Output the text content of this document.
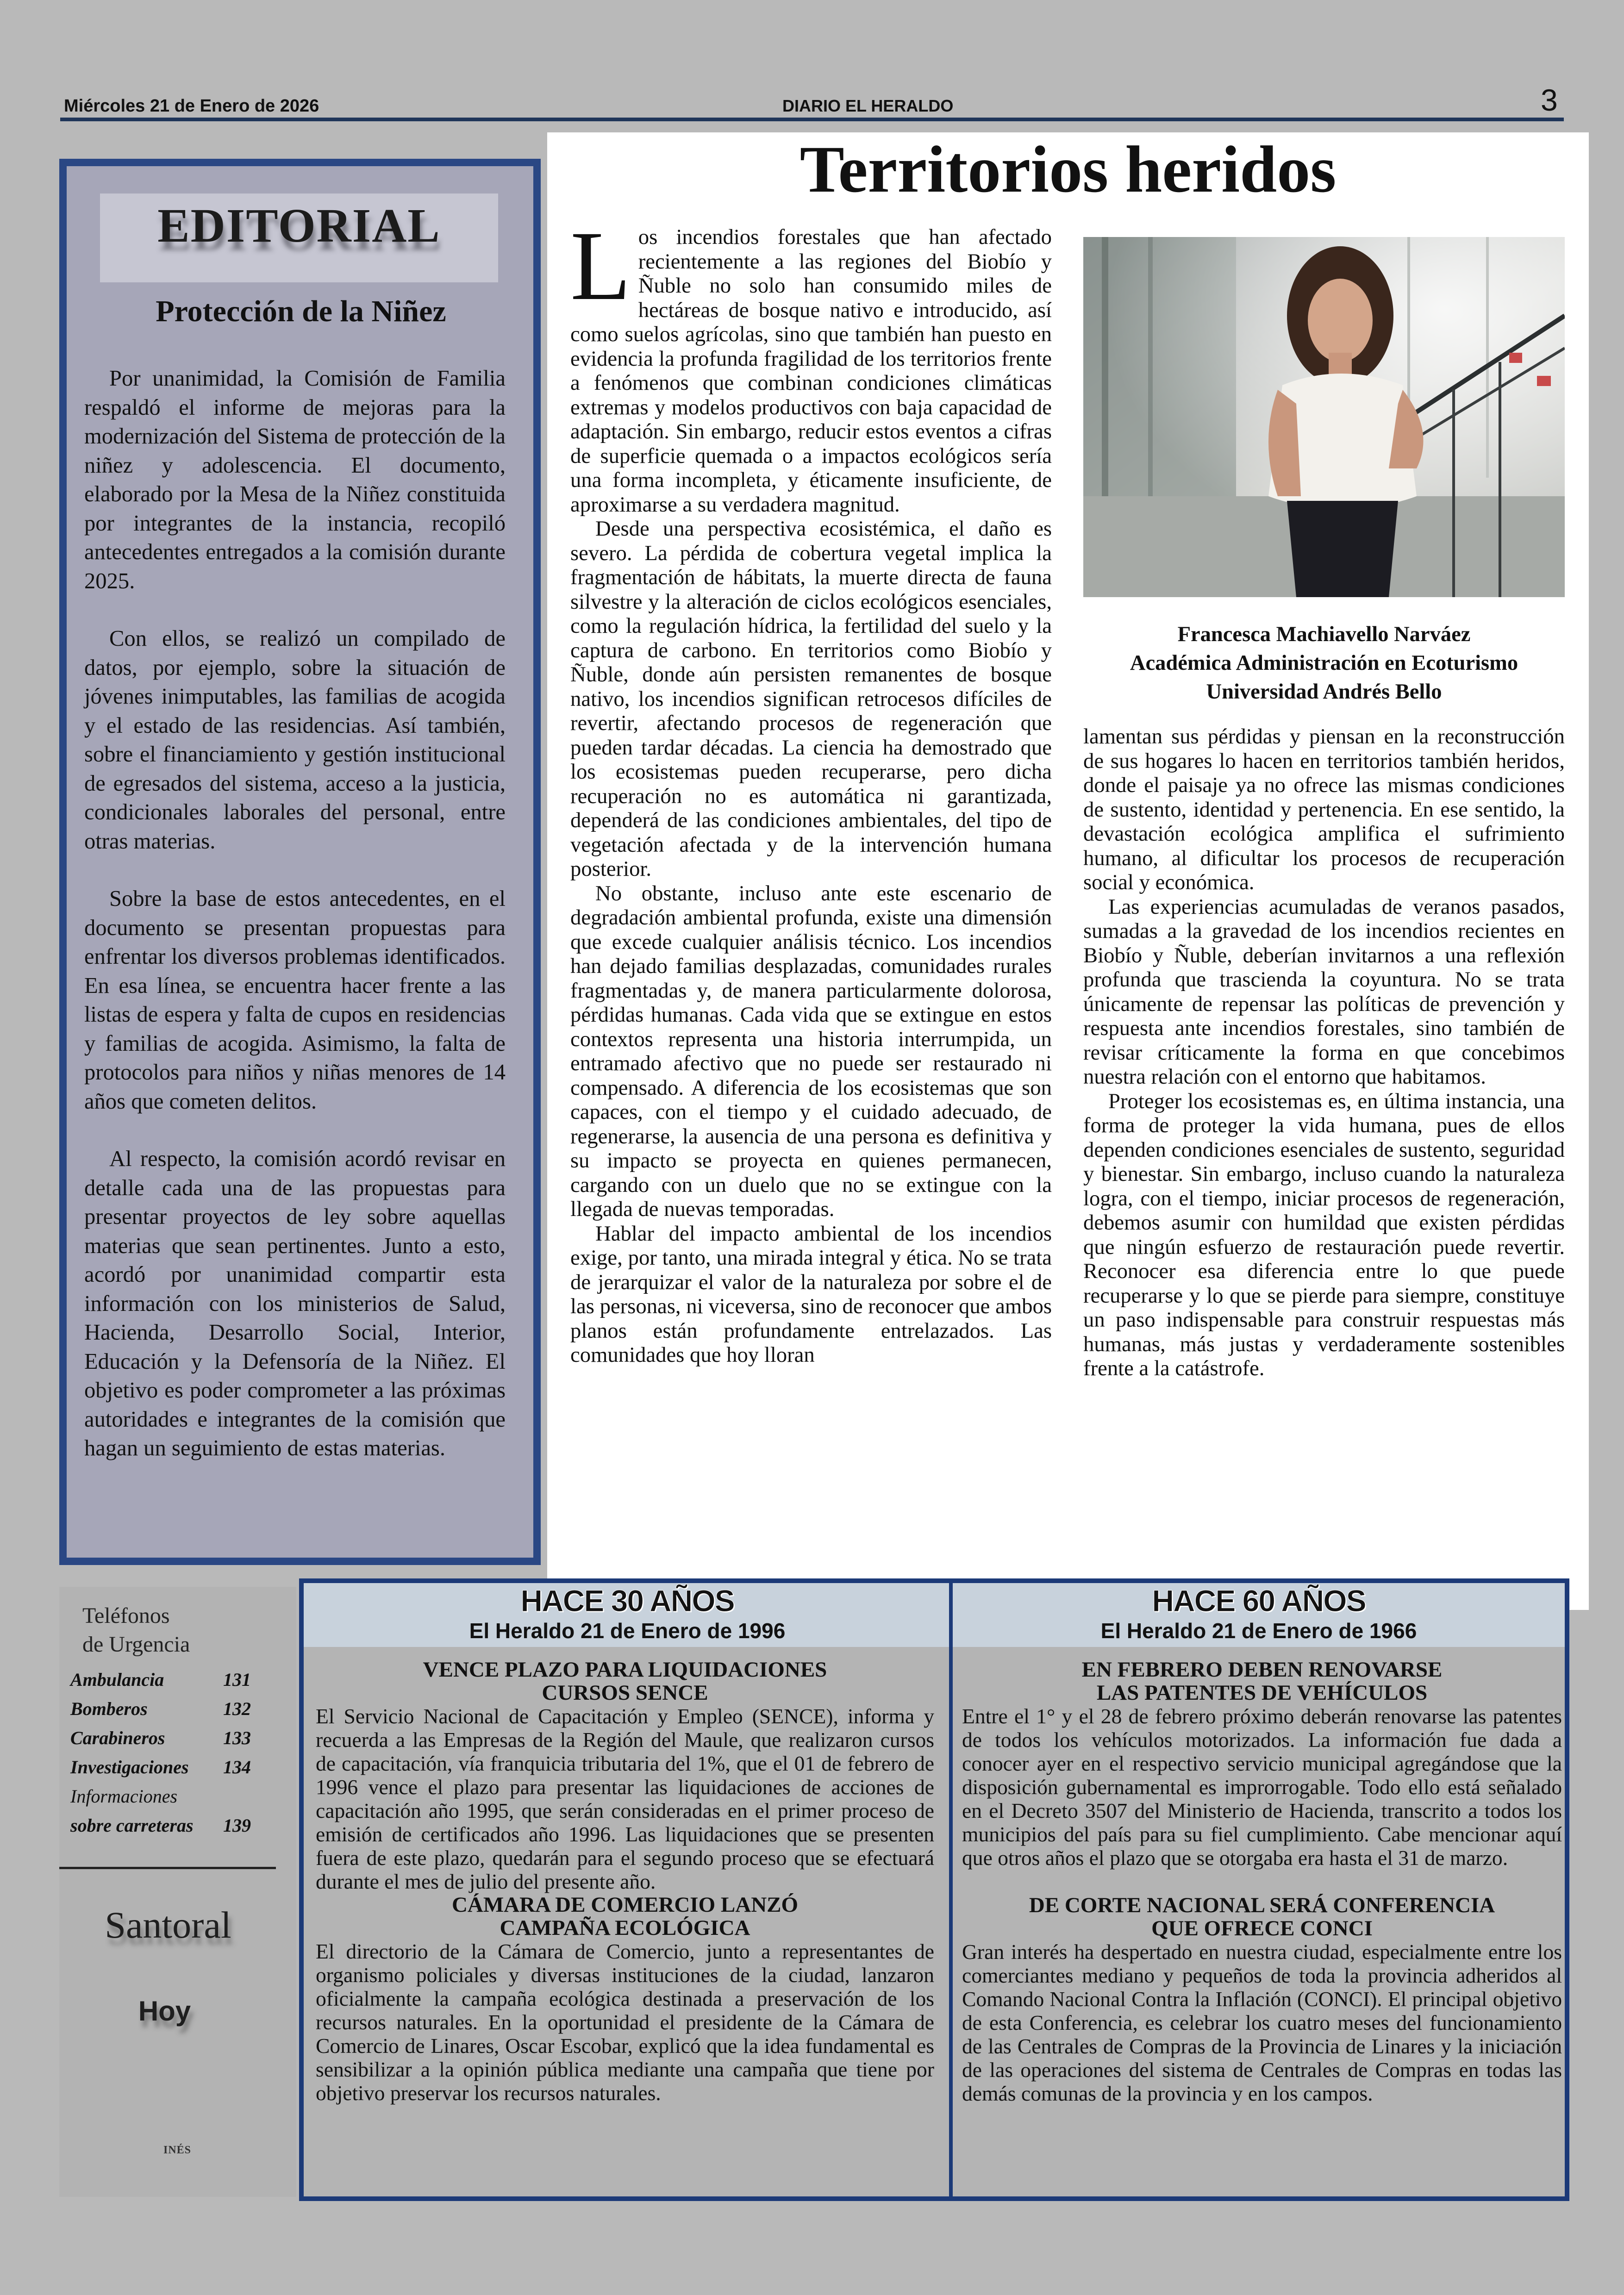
Miércoles 21 de Enero de 2026	DIARIO EL HERALDO	3
EDITORIAL
Protección de la Niñez

Por unanimidad, la Comisión de Familia respaldó el informe de mejoras para la modernización del Sistema de protección de la niñez y adolescencia. El documento, elaborado por la Mesa de la Niñez constituida por integrantes de la instancia, recopiló antecedentes entregados a la comisión durante 2025.

Con ellos, se realizó un compilado de datos, por ejemplo, sobre la situación de jóvenes inimputables, las familias de acogida y el estado de las residencias. Así también, sobre el financiamiento y gestión institucional de egresados del sistema, acceso a la justicia, condicionales laborales del personal, entre otras materias.

Sobre la base de estos antecedentes, en el documento se presentan propuestas para enfrentar los diversos problemas identificados. En esa línea, se encuentra hacer frente a las listas de espera y falta de cupos en residencias y familias de acogida. Asimismo, la falta de protocolos para niños y niñas menores de 14 años que cometen delitos.

Al respecto, la comisión acordó revisar en detalle cada una de las propuestas para presentar proyectos de ley sobre aquellas materias que sean pertinentes. Junto a esto, acordó por unanimidad compartir esta información con los ministerios de Salud, Hacienda, Desarrollo Social, Interior, Educación y la Defensoría de la Niñez. El objetivo es poder comprometer a las próximas autoridades e integrantes de la comisión que hagan un seguimiento de estas materias.

Territorios heridos

Los incendios forestales que han afectado recientemente a las regiones del Biobío y Ñuble no solo han consumido miles de hectáreas de bosque nativo e introducido, así como suelos agrícolas, sino que también han puesto en evidencia la profunda fragilidad de los territorios frente a fenómenos que combinan condiciones climáticas extremas y modelos productivos con baja capacidad de adaptación. Sin embargo, reducir estos eventos a cifras de superficie quemada o a impactos ecológicos sería una forma incompleta, y éticamente insuficiente, de aproximarse a su verdadera magnitud.

Desde una perspectiva ecosistémica, el daño es severo. La pérdida de cobertura vegetal implica la fragmentación de hábitats, la muerte directa de fauna silvestre y la alteración de ciclos ecológicos esenciales, como la regulación hídrica, la fertilidad del suelo y la captura de carbono. En territorios como Biobío y Ñuble, donde aún persisten remanentes de bosque nativo, los incendios significan retrocesos difíciles de revertir, afectando procesos de regeneración que pueden tardar décadas. La ciencia ha demostrado que los ecosistemas pueden recuperarse, pero dicha recuperación no es automática ni garantizada, dependerá de las condiciones ambientales, del tipo de vegetación afectada y de la intervención humana posterior.

No obstante, incluso ante este escenario de degradación ambiental profunda, existe una dimensión que excede cualquier análisis técnico. Los incendios han dejado familias desplazadas, comunidades rurales fragmentadas y, de manera particularmente dolorosa, pérdidas humanas. Cada vida que se extingue en estos contextos representa una historia interrumpida, un entramado afectivo que no puede ser restaurado ni compensado. A diferencia de los ecosistemas que son capaces, con el tiempo y el cuidado adecuado, de regenerarse, la ausencia de una persona es definitiva y su impacto se proyecta en quienes permanecen, cargando con un duelo que no se extingue con la llegada de nuevas temporadas.

Hablar del impacto ambiental de los incendios exige, por tanto, una mirada integral y ética. No se trata de jerarquizar el valor de la naturaleza por sobre el de las personas, ni viceversa, sino de reconocer que ambos planos están profundamente entrelazados. Las comunidades que hoy lloran

Francesca Machiavello Narváez
Académica Administración en Ecoturismo
Universidad Andrés Bello

lamentan sus pérdidas y piensan en la reconstrucción de sus hogares lo hacen en territorios también heridos, donde el paisaje ya no ofrece las mismas condiciones de sustento, identidad y pertenencia. En ese sentido, la devastación ecológica amplifica el sufrimiento humano, al dificultar los procesos de recuperación social y económica.

Las experiencias acumuladas de veranos pasados, sumadas a la gravedad de los incendios recientes en Biobío y Ñuble, deberían invitarnos a una reflexión profunda que trascienda la coyuntura. No se trata únicamente de repensar las políticas de prevención y respuesta ante incendios forestales, sino también de revisar críticamente la forma en que concebimos nuestra relación con el entorno que habitamos.

Proteger los ecosistemas es, en última instancia, una forma de proteger la vida humana, pues de ellos dependen condiciones esenciales de sustento, seguridad y bienestar. Sin embargo, incluso cuando la naturaleza logra, con el tiempo, iniciar procesos de regeneración, debemos asumir con humildad que existen pérdidas que ningún esfuerzo de restauración puede revertir. Reconocer esa diferencia entre lo que puede recuperarse y lo que se pierde para siempre, constituye un paso indispensable para construir respuestas más humanas, más justas y verdaderamente sostenibles frente a la catástrofe.

Teléfonos
de Urgencia
Ambulancia	131
Bomberos	132
Carabineros	133
Investigaciones 134
Informaciones
sobre carreteras 139
Santoral
Hoy
INÉS
HACE 30 AÑOS
El Heraldo 21 de Enero de 1996
HACE 60 AÑOS
El Heraldo 21 de Enero de 1966
VENCE PLAZO PARA LIQUIDACIONES
CURSOS SENCE

El Servicio Nacional de Capacitación y Empleo (SENCE), informa y recuerda a las Empresas de la Región del Maule, que realizaron cursos de capacitación, vía franquicia tributaria del 1%, que el 01 de febrero de 1996 vence el plazo para presentar las liquidaciones de acciones de capacitación año 1995, que serán consideradas en el primer proceso de emisión de certificados año 1996. Las liquidaciones que se presenten fuera de este plazo, quedarán para el segundo proceso que se efectuará durante el mes de julio del presente año.

CÁMARA DE COMERCIO LANZÓ
CAMPAÑA ECOLÓGICA

El directorio de la Cámara de Comercio, junto a representantes de organismo policiales y diversas instituciones de la ciudad, lanzaron oficialmente la campaña ecológica destinada a preservación de los recursos naturales. En la oportunidad el presidente de la Cámara de Comercio de Linares, Oscar Escobar, explicó que la idea fundamental es sensibilizar a la opinión pública mediante una campaña que tiene por objetivo preservar los recursos naturales.

EN FEBRERO DEBEN RENOVARSE
LAS PATENTES DE VEHÍCULOS

Entre el 1° y el 28 de febrero próximo deberán renovarse las patentes de todos los vehículos motorizados. La información fue dada a conocer ayer en el respectivo servicio municipal agregándose que la disposición gubernamental es improrrogable. Todo ello está señalado en el Decreto 3507 del Ministerio de Hacienda, transcrito a todos los municipios del país para su fiel cumplimiento. Cabe mencionar aquí que otros años el plazo que se otorgaba era hasta el 31 de marzo.

DE CORTE NACIONAL SERÁ CONFERENCIA
QUE OFRECE CONCI

Gran interés ha despertado en nuestra ciudad, especialmente entre los comerciantes mediano y pequeños de toda la provincia adheridos al Comando Nacional Contra la Inflación (CONCI). El principal objetivo de esta Conferencia, es celebrar los cuatro meses del funcionamiento de las Centrales de Compras de la Provincia de Linares y la iniciación de las operaciones del sistema de Centrales de Compras en todas las demás comunas de la provincia y en los campos.
